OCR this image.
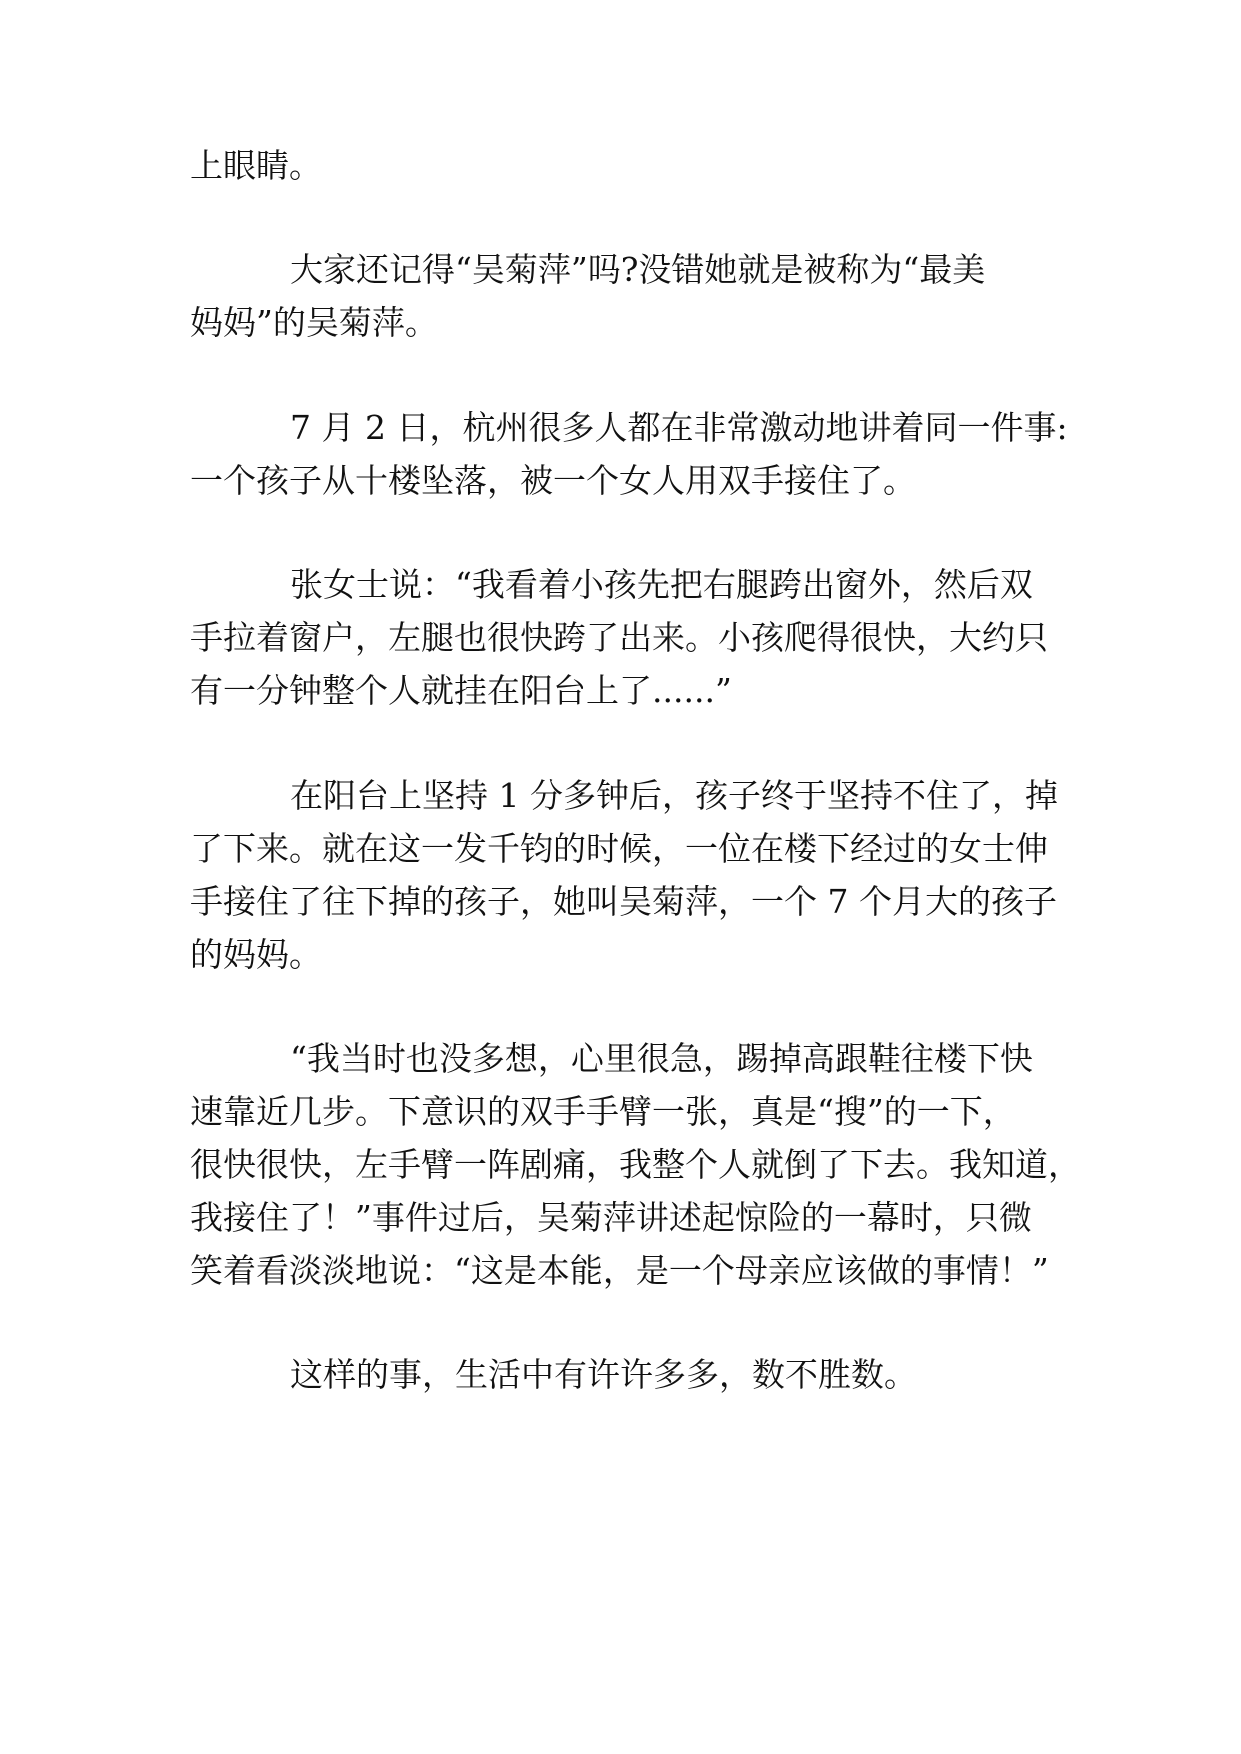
上眼睛。
大家还记得“吴菊萍”吗?没错她就是被称为“最美
妈妈”的吴菊萍。
7 月 2 日，杭州很多人都在非常激动地讲着同一件事:
一个孩子从十楼坠落，被一个女人用双手接住了。
张女士说：“我看着小孩先把右腿跨出窗外，然后双
手拉着窗户，左腿也很快跨了出来。小孩爬得很快，大约只
有一分钟整个人就挂在阳台上了......”
在阳台上坚持 1 分多钟后，孩子终于坚持不住了，掉
了下来。就在这一发千钧的时候，一位在楼下经过的女士伸
手接住了往下掉的孩子，她叫吴菊萍，一个 7 个月大的孩子
的妈妈。
“我当时也没多想，心里很急，踢掉高跟鞋往楼下快
速靠近几步。下意识的双手手臂一张，真是“搜”的一下，
很快很快，左手臂一阵剧痛，我整个人就倒了下去。我知道，
我接住了！”事件过后，吴菊萍讲述起惊险的一幕时，只微
笑着看淡淡地说：“这是本能，是一个母亲应该做的事情！”
这样的事，生活中有许许多多，数不胜数。
